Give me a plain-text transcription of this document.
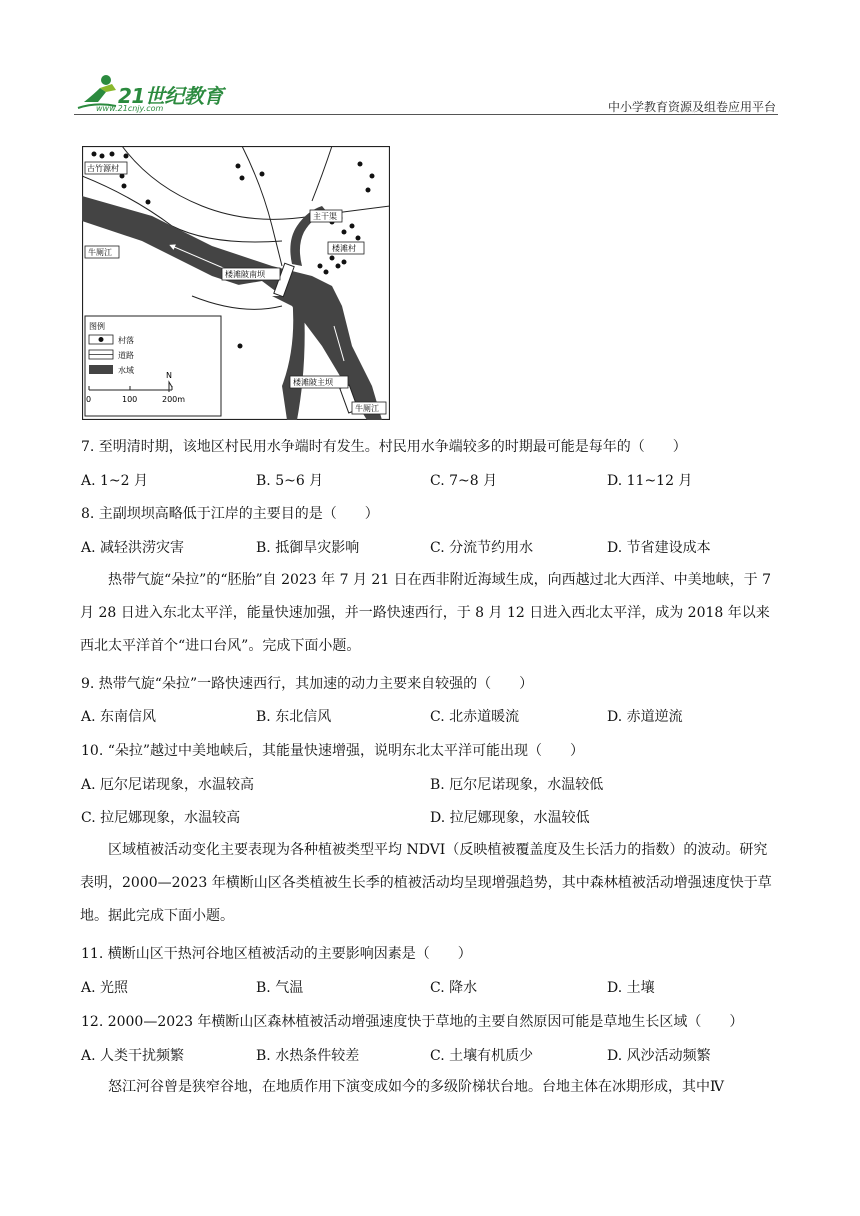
21世纪教育
www.21cnjy.com	中小学教育资源及组卷应用平台
古竹源村
主干渠
楼滩村
牛厕江
楼滩陂南坝
楼滩陂主坝
牛厕江
图例
村落
道路
水域
0	100	200m
N
7. 至明清时期，该地区村民用水争端时有发生。村民用水争端较多的时期最可能是每年的（　　）
A. 1~2 月	B. 5~6 月	C. 7~8 月	D. 11~12 月
8. 主副坝坝高略低于江岸的主要目的是（　　）
A. 减轻洪涝灾害	B. 抵御旱灾影响	C. 分流节约用水	D. 节省建设成本
热带气旋“朵拉”的“胚胎”自 2023 年 7 月 21 日在西非附近海域生成，向西越过北大西洋、中美地峡，于 7 月 28 日进入东北太平洋，能量快速加强，并一路快速西行，于 8 月 12 日进入西北太平洋，成为 2018 年以来西北太平洋首个“进口台风”。完成下面小题。
9. 热带气旋“朵拉”一路快速西行，其加速的动力主要来自较强的（　　）
A. 东南信风	B. 东北信风	C. 北赤道暖流	D. 赤道逆流
10. “朵拉”越过中美地峡后，其能量快速增强，说明东北太平洋可能出现（　　）
A. 厄尔尼诺现象，水温较高	B. 厄尔尼诺现象，水温较低
C. 拉尼娜现象，水温较高	D. 拉尼娜现象，水温较低
区域植被活动变化主要表现为各种植被类型平均 NDVI（反映植被覆盖度及生长活力的指数）的波动。研究表明，2000—2023 年横断山区各类植被生长季的植被活动均呈现增强趋势，其中森林植被活动增强速度快于草地。据此完成下面小题。
11. 横断山区干热河谷地区植被活动的主要影响因素是（　　）
A. 光照	B. 气温	C. 降水	D. 土壤
12. 2000—2023 年横断山区森林植被活动增强速度快于草地的主要自然原因可能是草地生长区域（　　）
A. 人类干扰频繁	B. 水热条件较差	C. 土壤有机质少	D. 风沙活动频繁
怒江河谷曾是狭窄谷地，在地质作用下演变成如今的多级阶梯状台地。台地主体在冰期形成，其中Ⅳ
